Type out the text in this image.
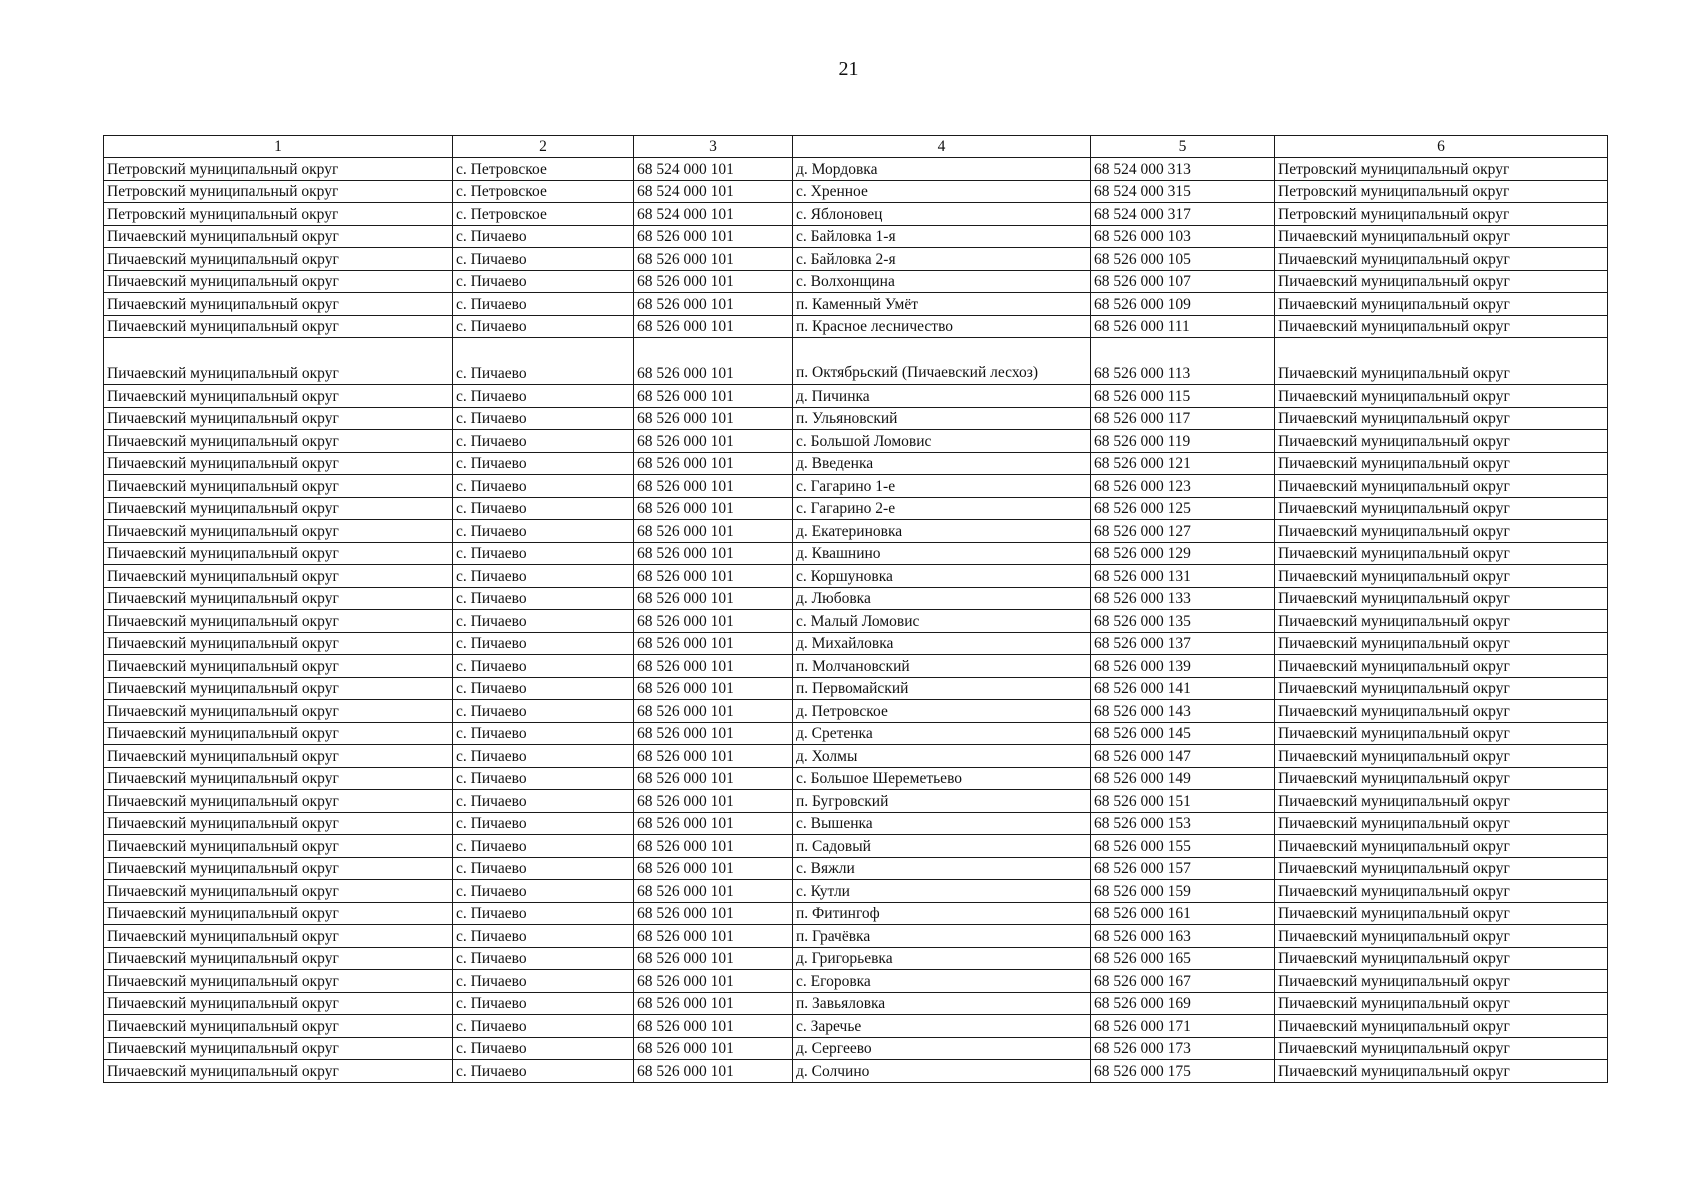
21
1	2	3	4	5	6
Петровский муниципальный округ	с. Петровское	68 524 000 101	д. Мордовка	68 524 000 313	Петровский муниципальный округ
Петровский муниципальный округ	с. Петровское	68 524 000 101	с. Хренное	68 524 000 315	Петровский муниципальный округ
Петровский муниципальный округ	с. Петровское	68 524 000 101	с. Яблоновец	68 524 000 317	Петровский муниципальный округ
Пичаевский муниципальный округ	с. Пичаево	68 526 000 101	с. Байловка 1-я	68 526 000 103	Пичаевский муниципальный округ
Пичаевский муниципальный округ	с. Пичаево	68 526 000 101	с. Байловка 2-я	68 526 000 105	Пичаевский муниципальный округ
Пичаевский муниципальный округ	с. Пичаево	68 526 000 101	с. Волхонщина	68 526 000 107	Пичаевский муниципальный округ
Пичаевский муниципальный округ	с. Пичаево	68 526 000 101	п. Каменный Умёт	68 526 000 109	Пичаевский муниципальный округ
Пичаевский муниципальный округ	с. Пичаево	68 526 000 101	п. Красное лесничество	68 526 000 111	Пичаевский муниципальный округ
Пичаевский муниципальный округ	с. Пичаево	68 526 000 101	п. Октябрьский (Пичаевский лесхоз)	68 526 000 113	Пичаевский муниципальный округ
Пичаевский муниципальный округ	с. Пичаево	68 526 000 101	д. Пичинка	68 526 000 115	Пичаевский муниципальный округ
Пичаевский муниципальный округ	с. Пичаево	68 526 000 101	п. Ульяновский	68 526 000 117	Пичаевский муниципальный округ
Пичаевский муниципальный округ	с. Пичаево	68 526 000 101	с. Большой Ломовис	68 526 000 119	Пичаевский муниципальный округ
Пичаевский муниципальный округ	с. Пичаево	68 526 000 101	д. Введенка	68 526 000 121	Пичаевский муниципальный округ
Пичаевский муниципальный округ	с. Пичаево	68 526 000 101	с. Гагарино 1-е	68 526 000 123	Пичаевский муниципальный округ
Пичаевский муниципальный округ	с. Пичаево	68 526 000 101	с. Гагарино 2-е	68 526 000 125	Пичаевский муниципальный округ
Пичаевский муниципальный округ	с. Пичаево	68 526 000 101	д. Екатериновка	68 526 000 127	Пичаевский муниципальный округ
Пичаевский муниципальный округ	с. Пичаево	68 526 000 101	д. Квашнино	68 526 000 129	Пичаевский муниципальный округ
Пичаевский муниципальный округ	с. Пичаево	68 526 000 101	с. Коршуновка	68 526 000 131	Пичаевский муниципальный округ
Пичаевский муниципальный округ	с. Пичаево	68 526 000 101	д. Любовка	68 526 000 133	Пичаевский муниципальный округ
Пичаевский муниципальный округ	с. Пичаево	68 526 000 101	с. Малый Ломовис	68 526 000 135	Пичаевский муниципальный округ
Пичаевский муниципальный округ	с. Пичаево	68 526 000 101	д. Михайловка	68 526 000 137	Пичаевский муниципальный округ
Пичаевский муниципальный округ	с. Пичаево	68 526 000 101	п. Молчановский	68 526 000 139	Пичаевский муниципальный округ
Пичаевский муниципальный округ	с. Пичаево	68 526 000 101	п. Первомайский	68 526 000 141	Пичаевский муниципальный округ
Пичаевский муниципальный округ	с. Пичаево	68 526 000 101	д. Петровское	68 526 000 143	Пичаевский муниципальный округ
Пичаевский муниципальный округ	с. Пичаево	68 526 000 101	д. Сретенка	68 526 000 145	Пичаевский муниципальный округ
Пичаевский муниципальный округ	с. Пичаево	68 526 000 101	д. Холмы	68 526 000 147	Пичаевский муниципальный округ
Пичаевский муниципальный округ	с. Пичаево	68 526 000 101	с. Большое Шереметьево	68 526 000 149	Пичаевский муниципальный округ
Пичаевский муниципальный округ	с. Пичаево	68 526 000 101	п. Бугровский	68 526 000 151	Пичаевский муниципальный округ
Пичаевский муниципальный округ	с. Пичаево	68 526 000 101	с. Вышенка	68 526 000 153	Пичаевский муниципальный округ
Пичаевский муниципальный округ	с. Пичаево	68 526 000 101	п. Садовый	68 526 000 155	Пичаевский муниципальный округ
Пичаевский муниципальный округ	с. Пичаево	68 526 000 101	с. Вяжли	68 526 000 157	Пичаевский муниципальный округ
Пичаевский муниципальный округ	с. Пичаево	68 526 000 101	с. Кутли	68 526 000 159	Пичаевский муниципальный округ
Пичаевский муниципальный округ	с. Пичаево	68 526 000 101	п. Фитингоф	68 526 000 161	Пичаевский муниципальный округ
Пичаевский муниципальный округ	с. Пичаево	68 526 000 101	п. Грачёвка	68 526 000 163	Пичаевский муниципальный округ
Пичаевский муниципальный округ	с. Пичаево	68 526 000 101	д. Григорьевка	68 526 000 165	Пичаевский муниципальный округ
Пичаевский муниципальный округ	с. Пичаево	68 526 000 101	с. Егоровка	68 526 000 167	Пичаевский муниципальный округ
Пичаевский муниципальный округ	с. Пичаево	68 526 000 101	п. Завьяловка	68 526 000 169	Пичаевский муниципальный округ
Пичаевский муниципальный округ	с. Пичаево	68 526 000 101	с. Заречье	68 526 000 171	Пичаевский муниципальный округ
Пичаевский муниципальный округ	с. Пичаево	68 526 000 101	д. Сергеево	68 526 000 173	Пичаевский муниципальный округ
Пичаевский муниципальный округ	с. Пичаево	68 526 000 101	д. Солчино	68 526 000 175	Пичаевский муниципальный округ
